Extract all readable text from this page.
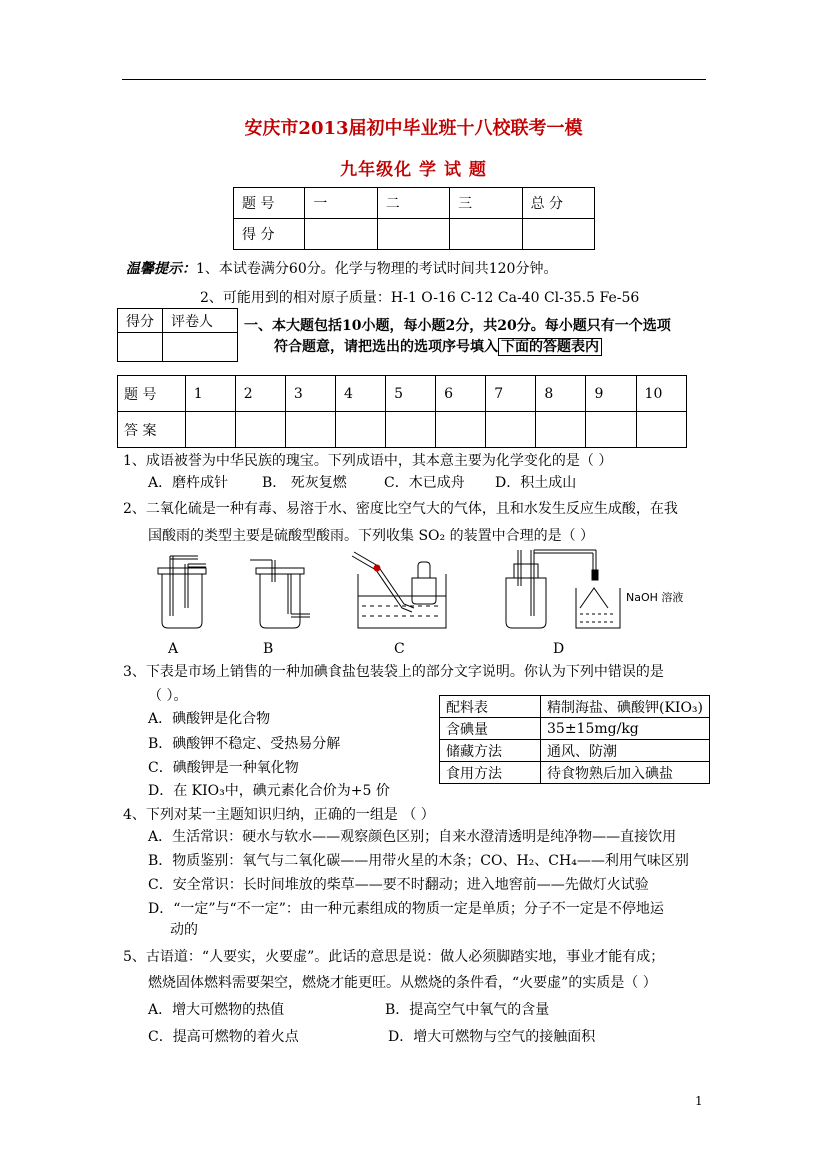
安庆市2013届初中毕业班十八校联考一模
九年级化 学 试 题
题 号	一	二	三	总 分
得 分				
温馨提示：1、本试卷满分60分。化学与物理的考试时间共120分钟。
2、可能用到的相对原子质量：H-1 O-16 C-12 Ca-40 Cl-35.5 Fe-56
得分	评卷人
	一、本大题包括10小题，每小题2分，共20分。每小题只有一个选项
符合题意，请把选出的选项序号填入 下面的答题表内
题 号	1	2	3	4	5	6	7	8	9	10
答 案										
1、成语被誉为中华民族的瑰宝。下列成语中，其本意主要为化学变化的是（ ）
A．磨杵成针 B． 死灰复燃	C．木已成舟 D．积土成山
2、二氧化硫是一种有毒、易溶于水、密度比空气大的气体，且和水发生反应生成酸，在我
国酸雨的类型主要是硫酸型酸雨。下列收集 SO₂ 的装置中合理的是（ ）
NaOH 溶液
A	B	C	D
3、下表是市场上销售的一种加碘食盐包装袋上的部分文字说明。你认为下列中错误的是
（ ）。
A．碘酸钾是化合物
B．碘酸钾不稳定、受热易分解
C．碘酸钾是一种氧化物
D．在 KIO₃中，碘元素化合价为+5 价
配料表	精制海盐、碘酸钾(KIO₃)
含碘量	35±15mg/kg
储藏方法	通风、防潮
食用方法	待食物熟后加入碘盐
4、下列对某一主题知识归纳，正确的一组是 （ ）
A．生活常识：硬水与软水——观察颜色区别；自来水澄清透明是纯净物——直接饮用
B．物质鉴别：氧气与二氧化碳——用带火星的木条；CO、H₂、CH₄——利用气味区别
C．安全常识：长时间堆放的柴草——要不时翻动；进入地窖前——先做灯火试验
D．“一定”与“不一定”：由一种元素组成的物质一定是单质；分子不一定是不停地运
动的
5、古语道：“人要实，火要虚”。此话的意思是说：做人必须脚踏实地，事业才能有成；
燃烧固体燃料需要架空，燃烧才能更旺。从燃烧的条件看，“火要虚”的实质是（ ）
A．增大可燃物的热值	B．提高空气中氧气的含量
C．提高可燃物的着火点	D．增大可燃物与空气的接触面积
1
